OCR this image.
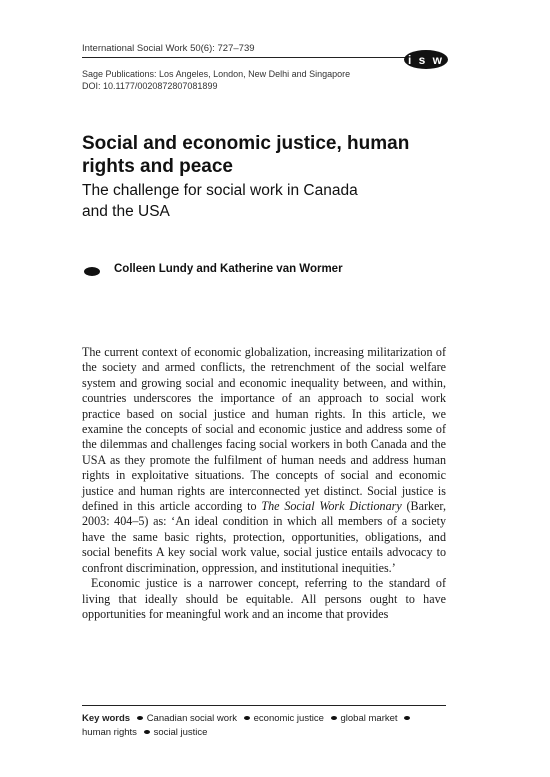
International Social Work 50(6): 727–739
i s w
Sage Publications: Los Angeles, London, New Delhi and Singapore
DOI: 10.1177/0020872807081899
Social and economic justice, human rights and peace
The challenge for social work in Canada and the USA
Colleen Lundy and Katherine van Wormer

The current context of economic globalization, increasing militarization of the society and armed conflicts, the retrenchment of the social welfare system and growing social and economic inequality between, and within, countries underscores the importance of an approach to social work practice based on social justice and human rights. In this article, we examine the concepts of social and economic justice and address some of the dilemmas and challenges facing social workers in both Canada and the USA as they promote the fulfilment of human needs and address human rights in exploitative situations. The concepts of social and economic justice and human rights are interconnected yet distinct. Social justice is defined in this article according to The Social Work Dictionary (Barker, 2003: 404–5) as: ‘An ideal condition in which all members of a society have the same basic rights, protection, opportunities, obligations, and social benefits A key social work value, social justice entails advocacy to confront discrimination, oppression, and institutional inequities.’

Economic justice is a narrower concept, referring to the standard of living that ideally should be equitable. All persons ought to have opportunities for meaningful work and an income that provides

Key words Canadian social work economic justice global market
human rights social justice
